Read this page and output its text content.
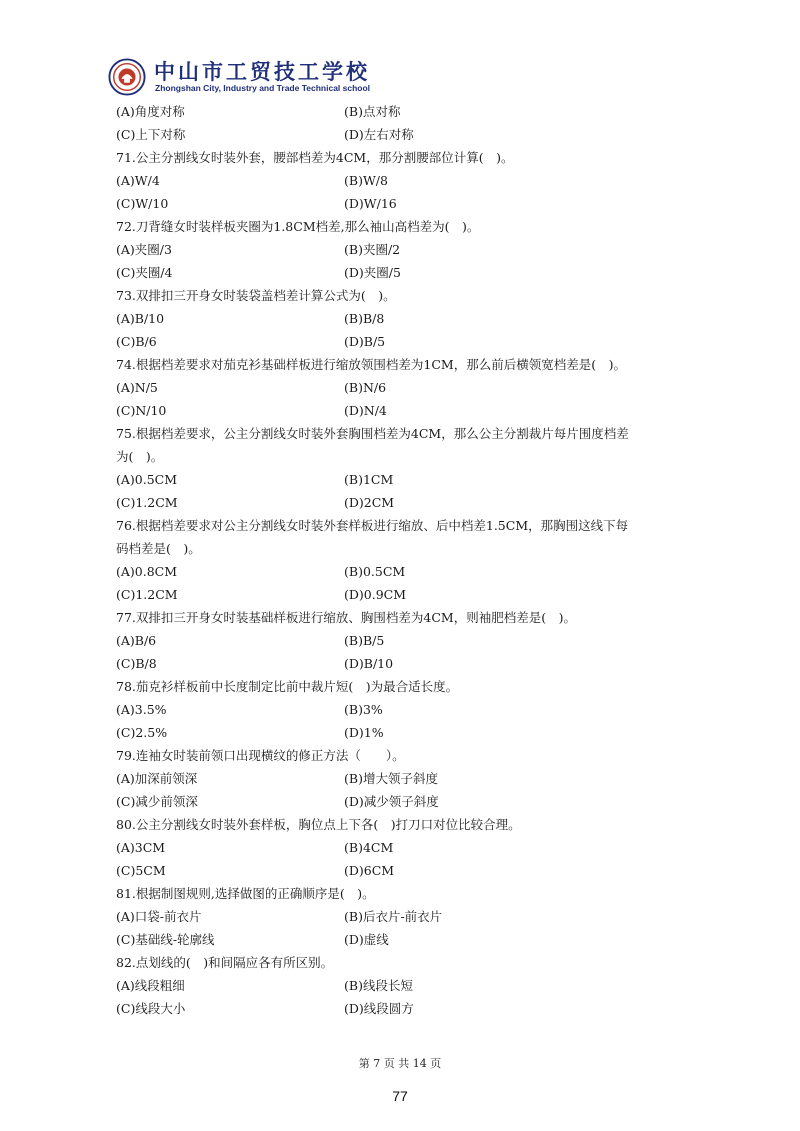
中山市工贸技工学校
Zhongshan City, Industry and Trade Technical school
(A)角度对称	(B)点对称
(C)上下对称	(D)左右对称
71.公主分割线女时装外套，腰部档差为4CM，那分割腰部位计算(　)。
(A)W/4	(B)W/8
(C)W/10	(D)W/16
72.刀背缝女时装样板夹圈为1.8CM档差,那么袖山高档差为(　)。
(A)夹圈/3	(B)夹圈/2
(C)夹圈/4	(D)夹圈/5
73.双排扣三开身女时装袋盖档差计算公式为(　)。
(A)B/10	(B)B/8
(C)B/6	(D)B/5
74.根据档差要求对茄克衫基础样板进行缩放领围档差为1CM，那么前后横领宽档差是(　)。
(A)N/5	(B)N/6
(C)N/10	(D)N/4
75.根据档差要求，公主分割线女时装外套胸围档差为4CM，那么公主分割裁片每片围度档差
为(　)。
(A)0.5CM	(B)1CM
(C)1.2CM	(D)2CM
76.根据档差要求对公主分割线女时装外套样板进行缩放、后中档差1.5CM，那胸围这线下每
码档差是(　)。
(A)0.8CM	(B)0.5CM
(C)1.2CM	(D)0.9CM
77.双排扣三开身女时装基础样板进行缩放、胸围档差为4CM，则袖肥档差是(　)。
(A)B/6	(B)B/5
(C)B/8	(D)B/10
78.茄克衫样板前中长度制定比前中裁片短(　)为最合适长度。
(A)3.5%	(B)3%
(C)2.5%	(D)1%
79.连袖女时装前领口出现横纹的修正方法（　　）。
(A)加深前领深	(B)增大领子斜度
(C)减少前领深	(D)减少领子斜度
80.公主分割线女时装外套样板，胸位点上下各(　)打刀口对位比较合理。
(A)3CM	(B)4CM
(C)5CM	(D)6CM
81.根据制图规则,选择做图的正确顺序是(　)。
(A)口袋-前衣片	(B)后衣片-前衣片
(C)基础线-轮廓线	(D)虚线
82.点划线的(　)和间隔应各有所区别。
(A)线段粗细	(B)线段长短
(C)线段大小	(D)线段圆方
第 7 页 共 14 页
77
